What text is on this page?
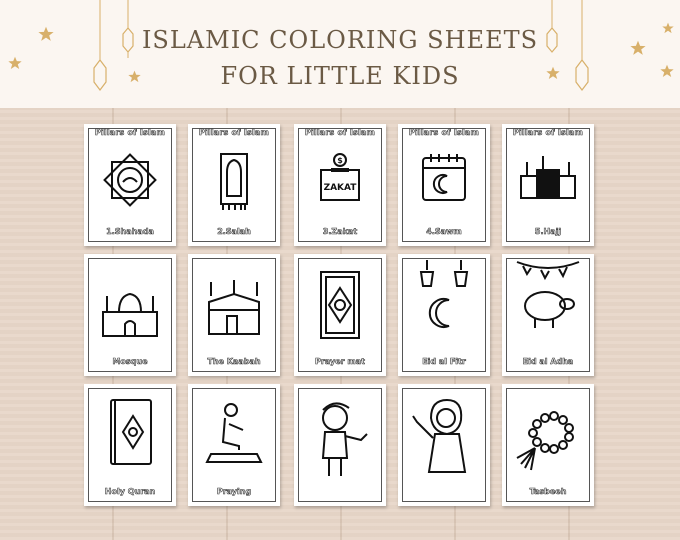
ISLAMIC COLORING SHEETS
FOR LITTLE KIDS
Pillars of Islam
1.Shahada
Pillars of Islam
2.Salah
Pillars of Islam
$
ZAKAT
3.Zakat
Pillars of Islam
4.Sawm
Pillars of Islam
5.Hajj
Mosque	The Kaabah	Prayer mat	Eid al Fitr	Eid al Adha
Holy Quran	Praying	Tasbeeh
